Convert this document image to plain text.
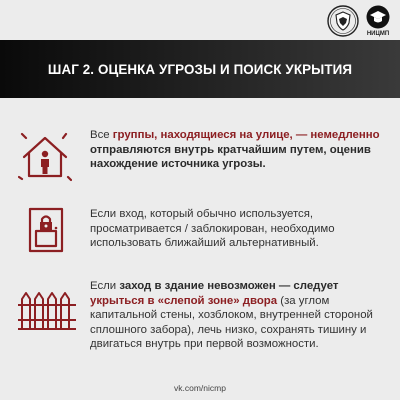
НИЦМП
ШАГ 2. ОЦЕНКА УГРОЗЫ И ПОИСК УКРЫТИЯ
Все группы, находящиеся на улице, — немедленно отправляются внутрь кратчайшим путем, оценив нахождение источника угрозы.
Если вход, который обычно используется, просматривается / заблокирован, необходимо использовать ближайший альтернативный.
Если заход в здание невозможен — следует укрыться в «слепой зоне» двора (за углом капитальной стены, хозблоком, внутренней стороной сплошного забора), лечь низко, сохранять тишину и двигаться внутрь при первой возможности.
vk.com/nicmp
